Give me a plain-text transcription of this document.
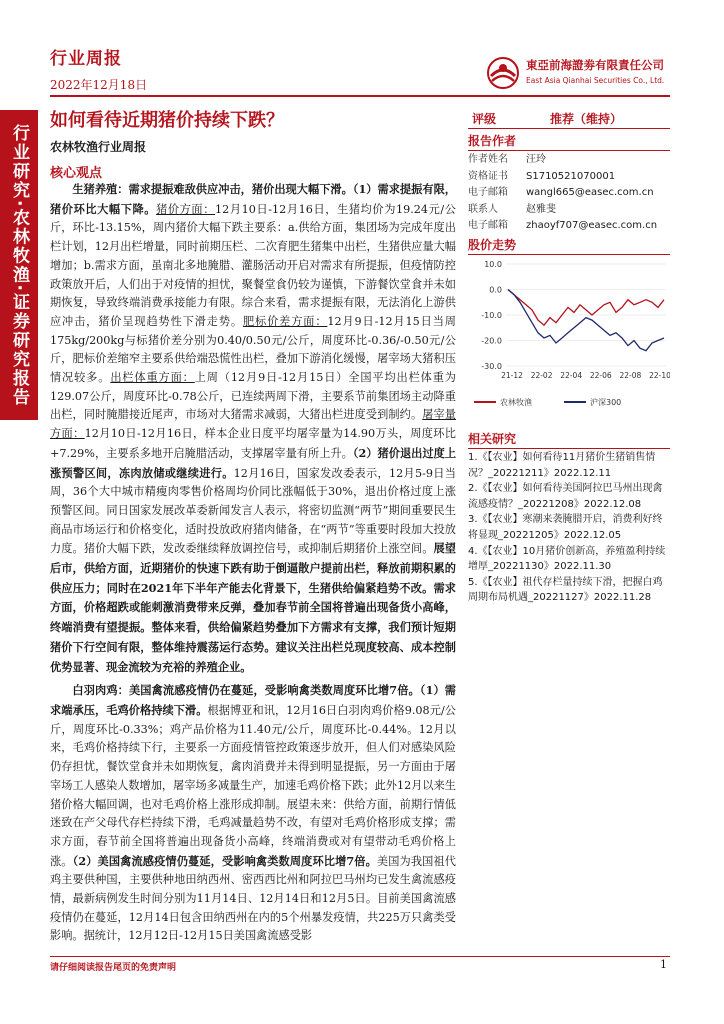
行业周报
2022年12月18日
東亞前海證劵有限責任公司
East Asia Qianhai Securities Co., Ltd.
行业研究·农林牧渔·证券研究报告
如何看待近期猪价持续下跌？
农林牧渔行业周报
核心观点

生猪养殖：需求提振难敌供应冲击，猪价出现大幅下滑。（1）需求提振有限，猪价环比大幅下降。猪价方面：12月10日-12月16日，生猪均价为19.24元/公斤，环比-13.15%，周内猪价大幅下跌主要系：a.供给方面，集团场为完成年度出栏计划，12月出栏增量，同时前期压栏、二次育肥生猪集中出栏，生猪供应量大幅增加；b.需求方面，虽南北多地腌腊、灌肠活动开启对需求有所提振，但疫情防控政策放开后，人们出于对疫情的担忧，聚餐堂食仍较为谨慎，下游餐饮堂食并未如期恢复，导致终端消费承接能力有限。综合来看，需求提振有限，无法消化上游供应冲击，猪价呈现趋势性下滑走势。肥标价差方面：12月9日-12月15日当周175kg/200kg与标猪价差分别为0.40/0.50元/公斤，周度环比-0.36/-0.50元/公斤，肥标价差缩窄主要系供给端恐慌性出栏，叠加下游消化缓慢，屠宰场大猪积压情况较多。出栏体重方面：上周（12月9日-12月15日）全国平均出栏体重为129.07公斤，周度环比-0.78公斤，已连续两周下滑，主要系节前集团场主动降重出栏，同时腌腊接近尾声，市场对大猪需求减弱，大猪出栏进度受到制约。屠宰量方面：12月10日-12月16日，样本企业日度平均屠宰量为14.90万头，周度环比+7.29%，主要系多地开启腌腊活动，支撑屠宰量有所上升。（2）猪价退出过度上涨预警区间，冻肉放储或继续进行。12月16日，国家发改委表示，12月5-9日当周，36个大中城市精瘦肉零售价格周均价同比涨幅低于30%，退出价格过度上涨预警区间。同日国家发展改革委新闻发言人表示，将密切监测“两节”期间重要民生商品市场运行和价格变化，适时投放政府猪肉储备，在“两节”等重要时段加大投放力度。猪价大幅下跌，发改委继续释放调控信号，或抑制后期猪价上涨空间。展望后市，供给方面，近期猪价的快速下跌有助于倒逼散户提前出栏，释放前期积累的供应压力；同时在2021年下半年产能去化背景下，生猪供给偏紧趋势不改。需求方面，价格超跌或能刺激消费带来反弹，叠加春节前全国将普遍出现备货小高峰，终端消费有望提振。整体来看，供给偏紧趋势叠加下方需求有支撑，我们预计短期猪价下行空间有限，整体维持震荡运行态势。建议关注出栏兑现度较高、成本控制优势显著、现金流较为充裕的养殖企业。

白羽肉鸡：美国禽流感疫情仍在蔓延，受影响禽类数周度环比增7倍。（1）需求端承压，毛鸡价格持续下滑。根据博亚和讯，12月16日白羽肉鸡价格9.08元/公斤，周度环比-0.33%；鸡产品价格为11.40元/公斤，周度环比-0.44%。12月以来，毛鸡价格持续下行，主要系一方面疫情管控政策逐步放开，但人们对感染风险仍存担忧，餐饮堂食并未如期恢复，禽肉消费并未得到明显提振，另一方面由于屠宰场工人感染人数增加，屠宰场多减量生产，加速毛鸡价格下跌；此外12月以来生猪价格大幅回调，也对毛鸡价格上涨形成抑制。展望未来：供给方面，前期行情低迷致在产父母代存栏持续下滑，毛鸡减量趋势不改，有望对毛鸡价格形成支撑；需求方面，春节前全国将普遍出现备货小高峰，终端消费或对有望带动毛鸡价格上涨。（2）美国禽流感疫情仍蔓延，受影响禽类数周度环比增7倍。美国为我国祖代鸡主要供种国，主要供种地田纳西州、密西西比州和阿拉巴马州均已发生禽流感疫情，最新病例发生时间分别为11月14日、12月14日和12月5日。目前美国禽流感疫情仍在蔓延，12月14日包含田纳西州在内的5个州暴发疫情，共225万只禽类受影响。据统计，12月12日-12月15日美国禽流感受影

评级	推荐（维持）
报告作者
作者姓名 汪玲
资格证书 S1710521070001
电子邮箱 wangl665@easec.com.cn
联系人	赵雅斐
电子邮箱 zhaoyf707@easec.com.cn
股价走势
10.0
0.0
-10.0
-20.0
-30.0
21-12 22-02 22-04 22-06 22-08 22-10
农林牧渔	沪深300
相关研究

1.《【农业】如何看待11月猪价生猪销售情况？_20221211》2022.12.11

2.《【农业】如何看待美国阿拉巴马州出现禽流感疫情？_20221208》2022.12.08

3.《【农业】寒潮来袭腌腊开启，消费利好终将显现_20221205》2022.12.05

4.《【农业】10月猪价创新高，养殖盈利持续增厚_20221130》2022.11.30

5.《【农业】祖代存栏量持续下滑，把握白鸡周期布局机遇_20221127》2022.11.28

请仔细阅读报告尾页的免责声明	1
